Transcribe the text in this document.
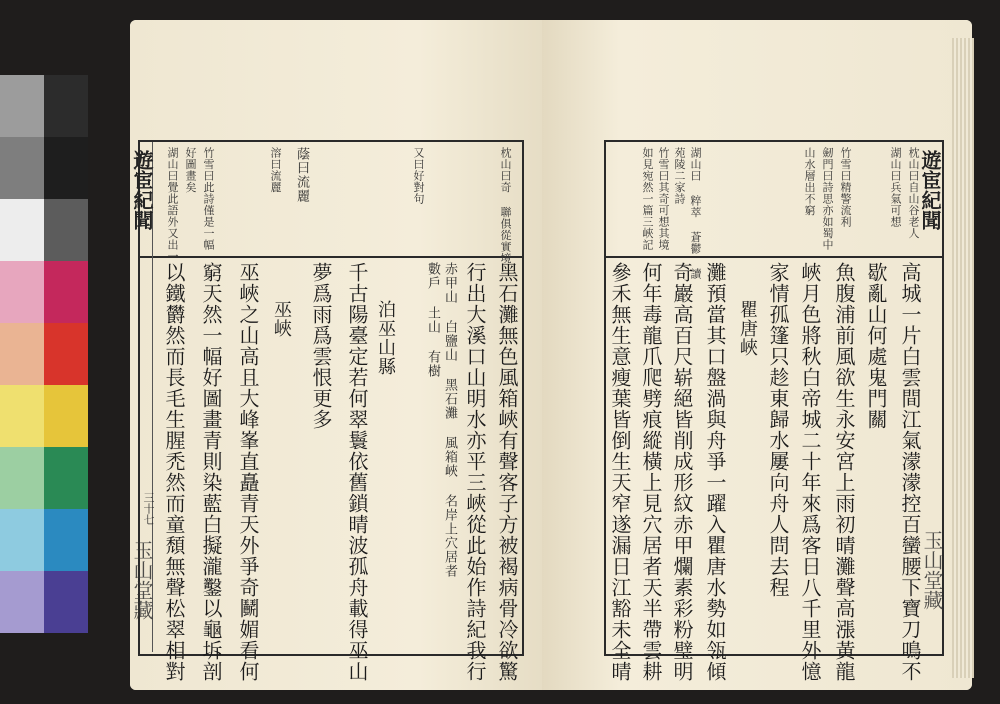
遊宦紀聞
玉山堂藏
三十七
枕山曰奇 聯俱從實境
又曰好對句
蔭曰流麗
溶曰流麗
竹雪曰此詩僅是一幅
好圖畫矣
湖山曰覺此語外又出一
黑石灘無色風箱峽有聲客子方被褐病骨冷欲驚
行出大溪口山明水亦平三峽從此始作詩紀我行
赤甲山 白鹽山 黑石灘 風箱峽 名岸上穴居者
數戶 土山 有樹
泊巫山縣
千古陽臺定若何翠鬟依舊鎖晴波孤舟載得巫山
夢爲雨爲雲恨更多
巫峽
巫峽之山高且大峰峯直矗青天外爭奇鬭媚看何
窮天然一幅好圖畫青則染藍白擬瀧鑿以龜坼剖
以鐵欝然而長毛生腥禿然而童頹無聲松翠相對
遊宦紀聞
玉山堂藏
枕山曰自山谷老人
湖山曰兵氣可想
竹雪曰精警流利
劒門曰詩思亦如蜀中
山水層出不窮
湖山曰 粹萃 蒼鬱 讀
苑陵二家詩
竹雪曰其奇可想其境
如見宛然一篇三峽記
高城一片白雲間江氣濛濛控百蠻腰下寶刀鳴不
歇亂山何處鬼門關
魚腹浦前風欲生永安宮上雨初晴灘聲高漲黃龍
峽月色將秋白帝城二十年來爲客日八千里外憶
家情孤篷只趁東歸水屢向舟人問去程
瞿唐峽
灘預當其口盤渦與舟爭一躍入瞿唐水勢如瓴傾
奇巖高百尺崭絕皆削成形紋赤甲爛素彩粉璧明
何年毒龍爪爬劈痕縱橫上見穴居者天半帶雲耕
參禾無生意瘦葉皆倒生天窄遂漏日江豁未全晴
